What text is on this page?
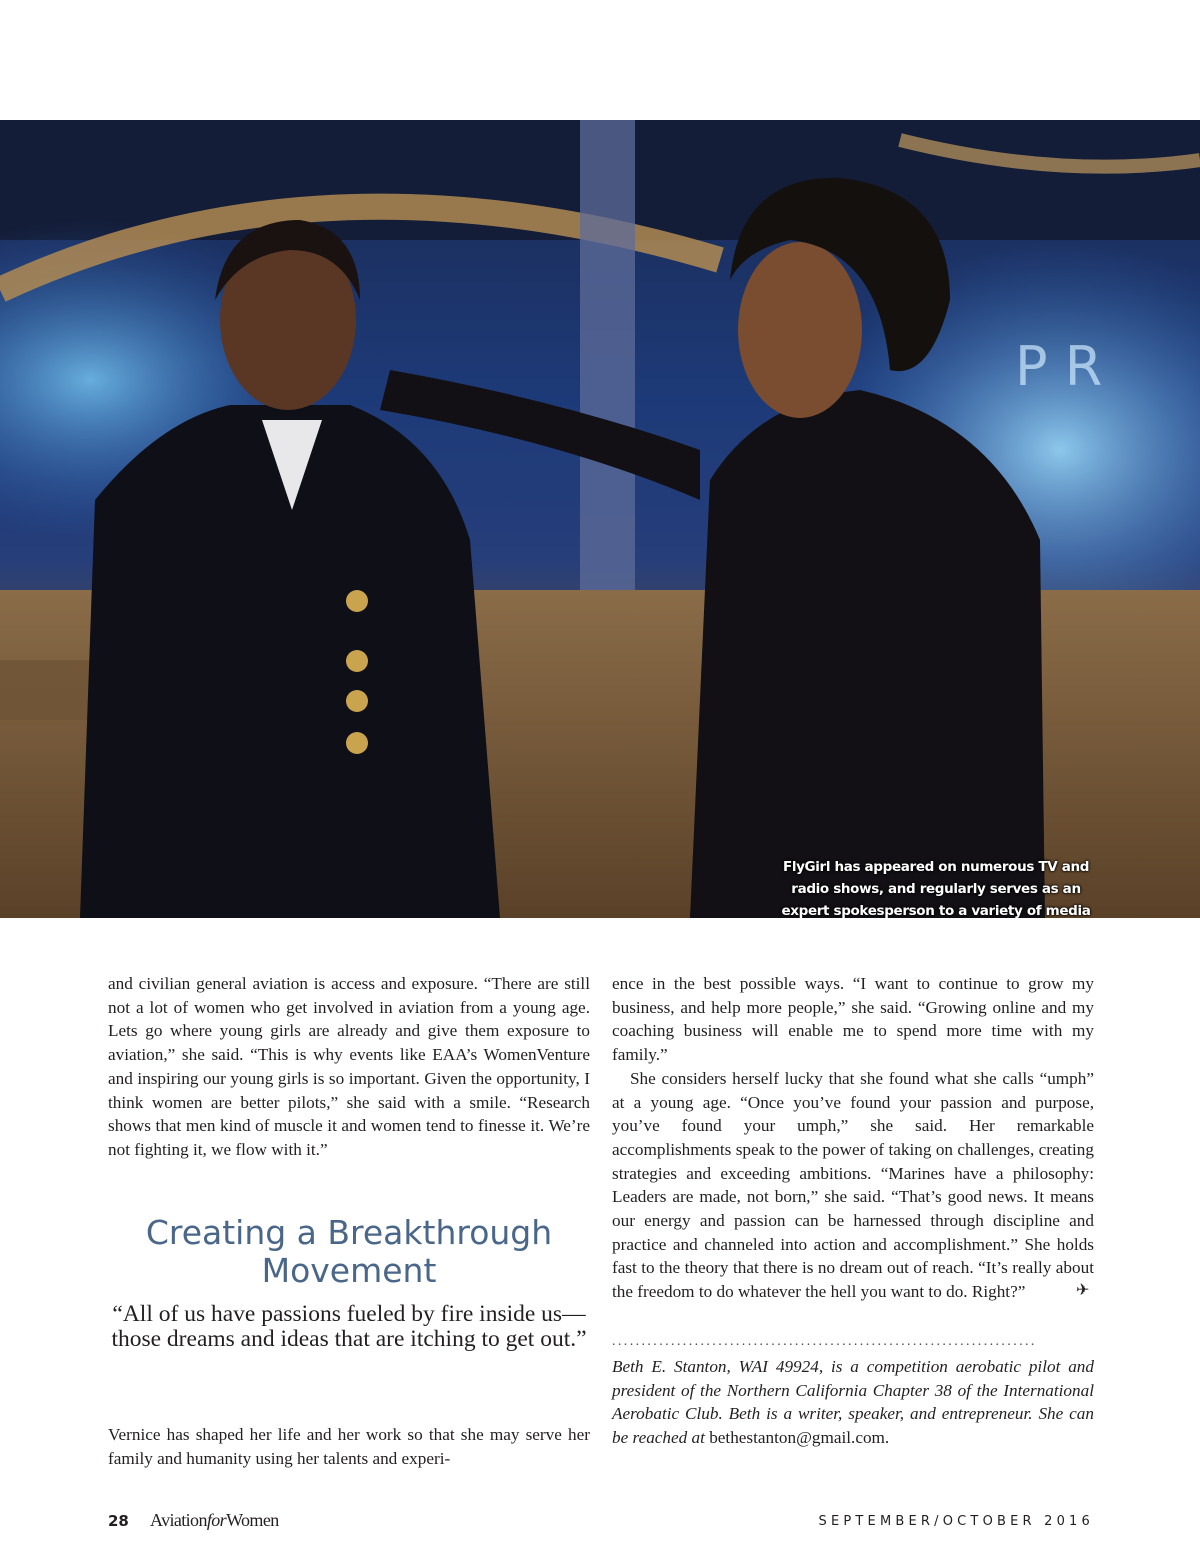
P R
FlyGirl has appeared on numerous TV and radio shows, and regularly serves as an expert spokesperson to a variety of media

and civilian general aviation is access and exposure. “There are still not a lot of women who get involved in aviation from a young age. Lets go where young girls are already and give them exposure to aviation,” she said. “This is why events like EAA’s WomenVenture and inspiring our young girls is so important. Given the opportunity, I think women are better pilots,” she said with a smile. “Research shows that men kind of muscle it and women tend to finesse it. We’re not fighting it, we flow with it.”

Creating a Breakthrough Movement
“All of us have passions fueled by fire inside us—those dreams and ideas that are itching to get out.”

Vernice has shaped her life and her work so that she may serve her family and humanity using her talents and experi-

ence in the best possible ways. “I want to continue to grow my business, and help more people,” she said. “Growing online and my coaching business will enable me to spend more time with my family.”

She considers herself lucky that she found what she calls “umph” at a young age. “Once you’ve found your passion and purpose, you’ve found your umph,” she said. Her remarkable accomplishments speak to the power of taking on challenges, creating strategies and exceeding ambitions. “Marines have a philosophy: Leaders are made, not born,” she said. “That’s good news. It means our energy and passion can be harnessed through discipline and practice and channeled into action and accomplishment.” She holds fast to the theory that there is no dream out of reach. “It’s really about the freedom to do whatever the hell you want to do. Right?”	✈
........................................................................
Beth E. Stanton, WAI 49924, is a competition aerobatic pilot and president of the Northern California Chapter 38 of the International Aerobatic Club. Beth is a writer, speaker, and entrepreneur. She can be reached at bethestanton@gmail.com.
28 AviationforWomen	SEPTEMBER/OCTOBER 2016
